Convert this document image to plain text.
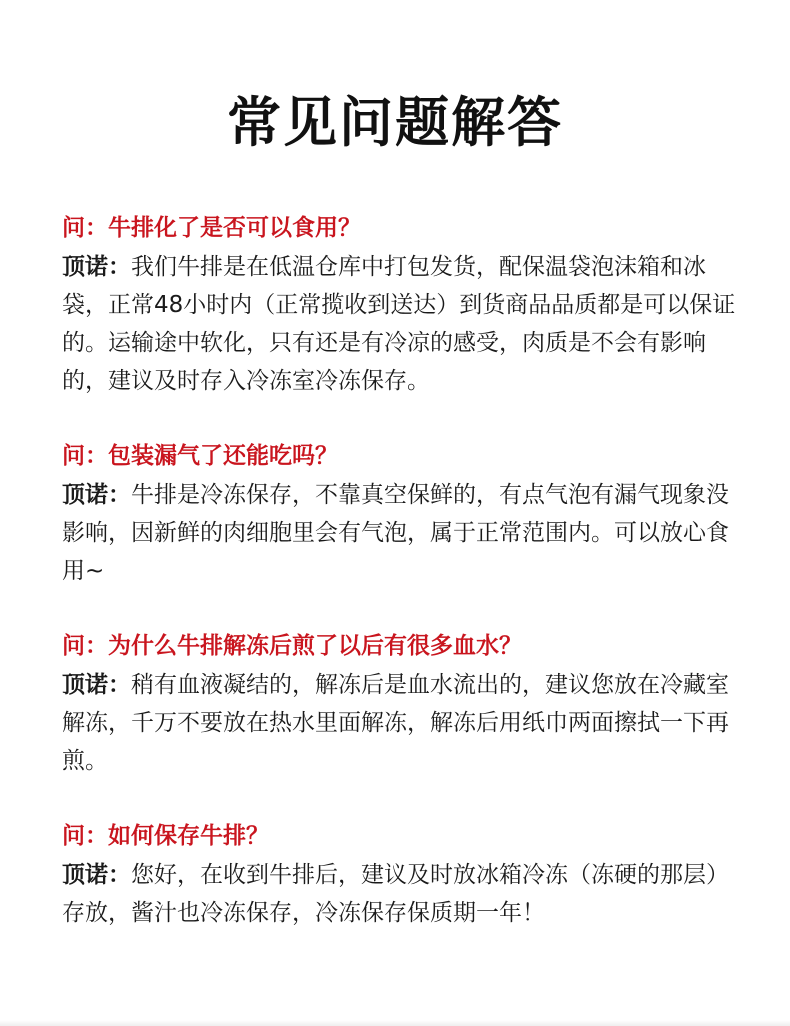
常见问题解答

问：牛排化了是否可以食用？

顶诺：我们牛排是在低温仓库中打包发货，配保温袋泡沫箱和冰袋，正常48小时内（正常揽收到送达）到货商品品质都是可以保证的。运输途中软化，只有还是有冷凉的感受，肉质是不会有影响的，建议及时存入冷冻室冷冻保存。

问：包装漏气了还能吃吗？

顶诺：牛排是冷冻保存，不靠真空保鲜的，有点气泡有漏气现象没影响，因新鲜的肉细胞里会有气泡，属于正常范围内。可以放心食用~

问：为什么牛排解冻后煎了以后有很多血水？

顶诺：稍有血液凝结的，解冻后是血水流出的，建议您放在冷藏室解冻，千万不要放在热水里面解冻，解冻后用纸巾两面擦拭一下再煎。

问：如何保存牛排？

顶诺：您好，在收到牛排后，建议及时放冰箱冷冻（冻硬的那层）存放，酱汁也冷冻保存，冷冻保存保质期一年！
